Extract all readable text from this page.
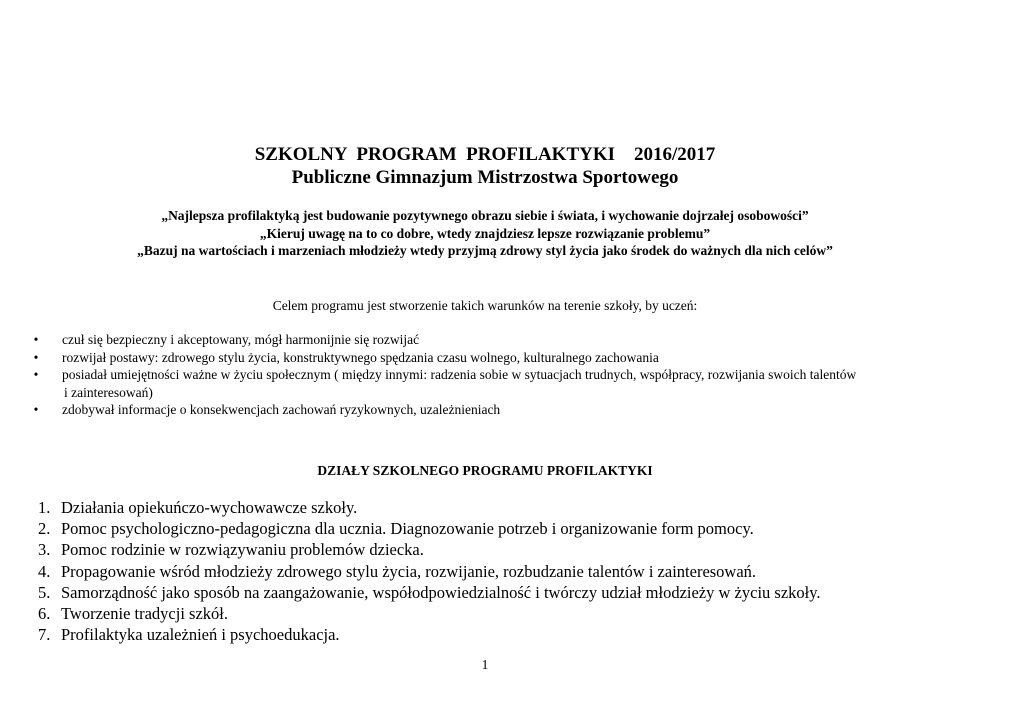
SZKOLNY  PROGRAM  PROFILAKTYKI    2016/2017
Publiczne Gimnazjum Mistrzostwa Sportowego
„Najlepsza profilaktyką jest budowanie pozytywnego obrazu siebie i świata, i wychowanie dojrzałej osobowości”
„Kieruj uwagę na to co dobre, wtedy znajdziesz lepsze rozwiązanie problemu”
„Bazuj na wartościach i marzeniach młodzieży wtedy przyjmą zdrowy styl życia jako środek do ważnych dla nich celów”

Celem programu jest stworzenie takich warunków na terenie szkoły, by uczeń:

• czuł się bezpieczny i akceptowany, mógł harmonijnie się rozwijać
• rozwijał postawy: zdrowego stylu życia, konstruktywnego spędzania czasu wolnego, kulturalnego zachowania
• posiadał umiejętności ważne w życiu społecznym ( między innymi: radzenia sobie w sytuacjach trudnych, współpracy, rozwijania swoich talentów
i zainteresowań)
• zdobywał informacje o konsekwencjach zachowań ryzykownych, uzależnieniach
DZIAŁY SZKOLNEGO PROGRAMU PROFILAKTYKI
1. Działania opiekuńczo-wychowawcze szkoły.
2. Pomoc psychologiczno-pedagogiczna dla ucznia. Diagnozowanie potrzeb i organizowanie form pomocy.
3. Pomoc rodzinie w rozwiązywaniu problemów dziecka.
4. Propagowanie wśród młodzieży zdrowego stylu życia, rozwijanie, rozbudzanie talentów i zainteresowań.
5. Samorządność jako sposób na zaangażowanie, współodpowiedzialność i twórczy udział młodzieży w życiu szkoły.
6. Tworzenie tradycji szkół.
7. Profilaktyka uzależnień i psychoedukacja.
1
